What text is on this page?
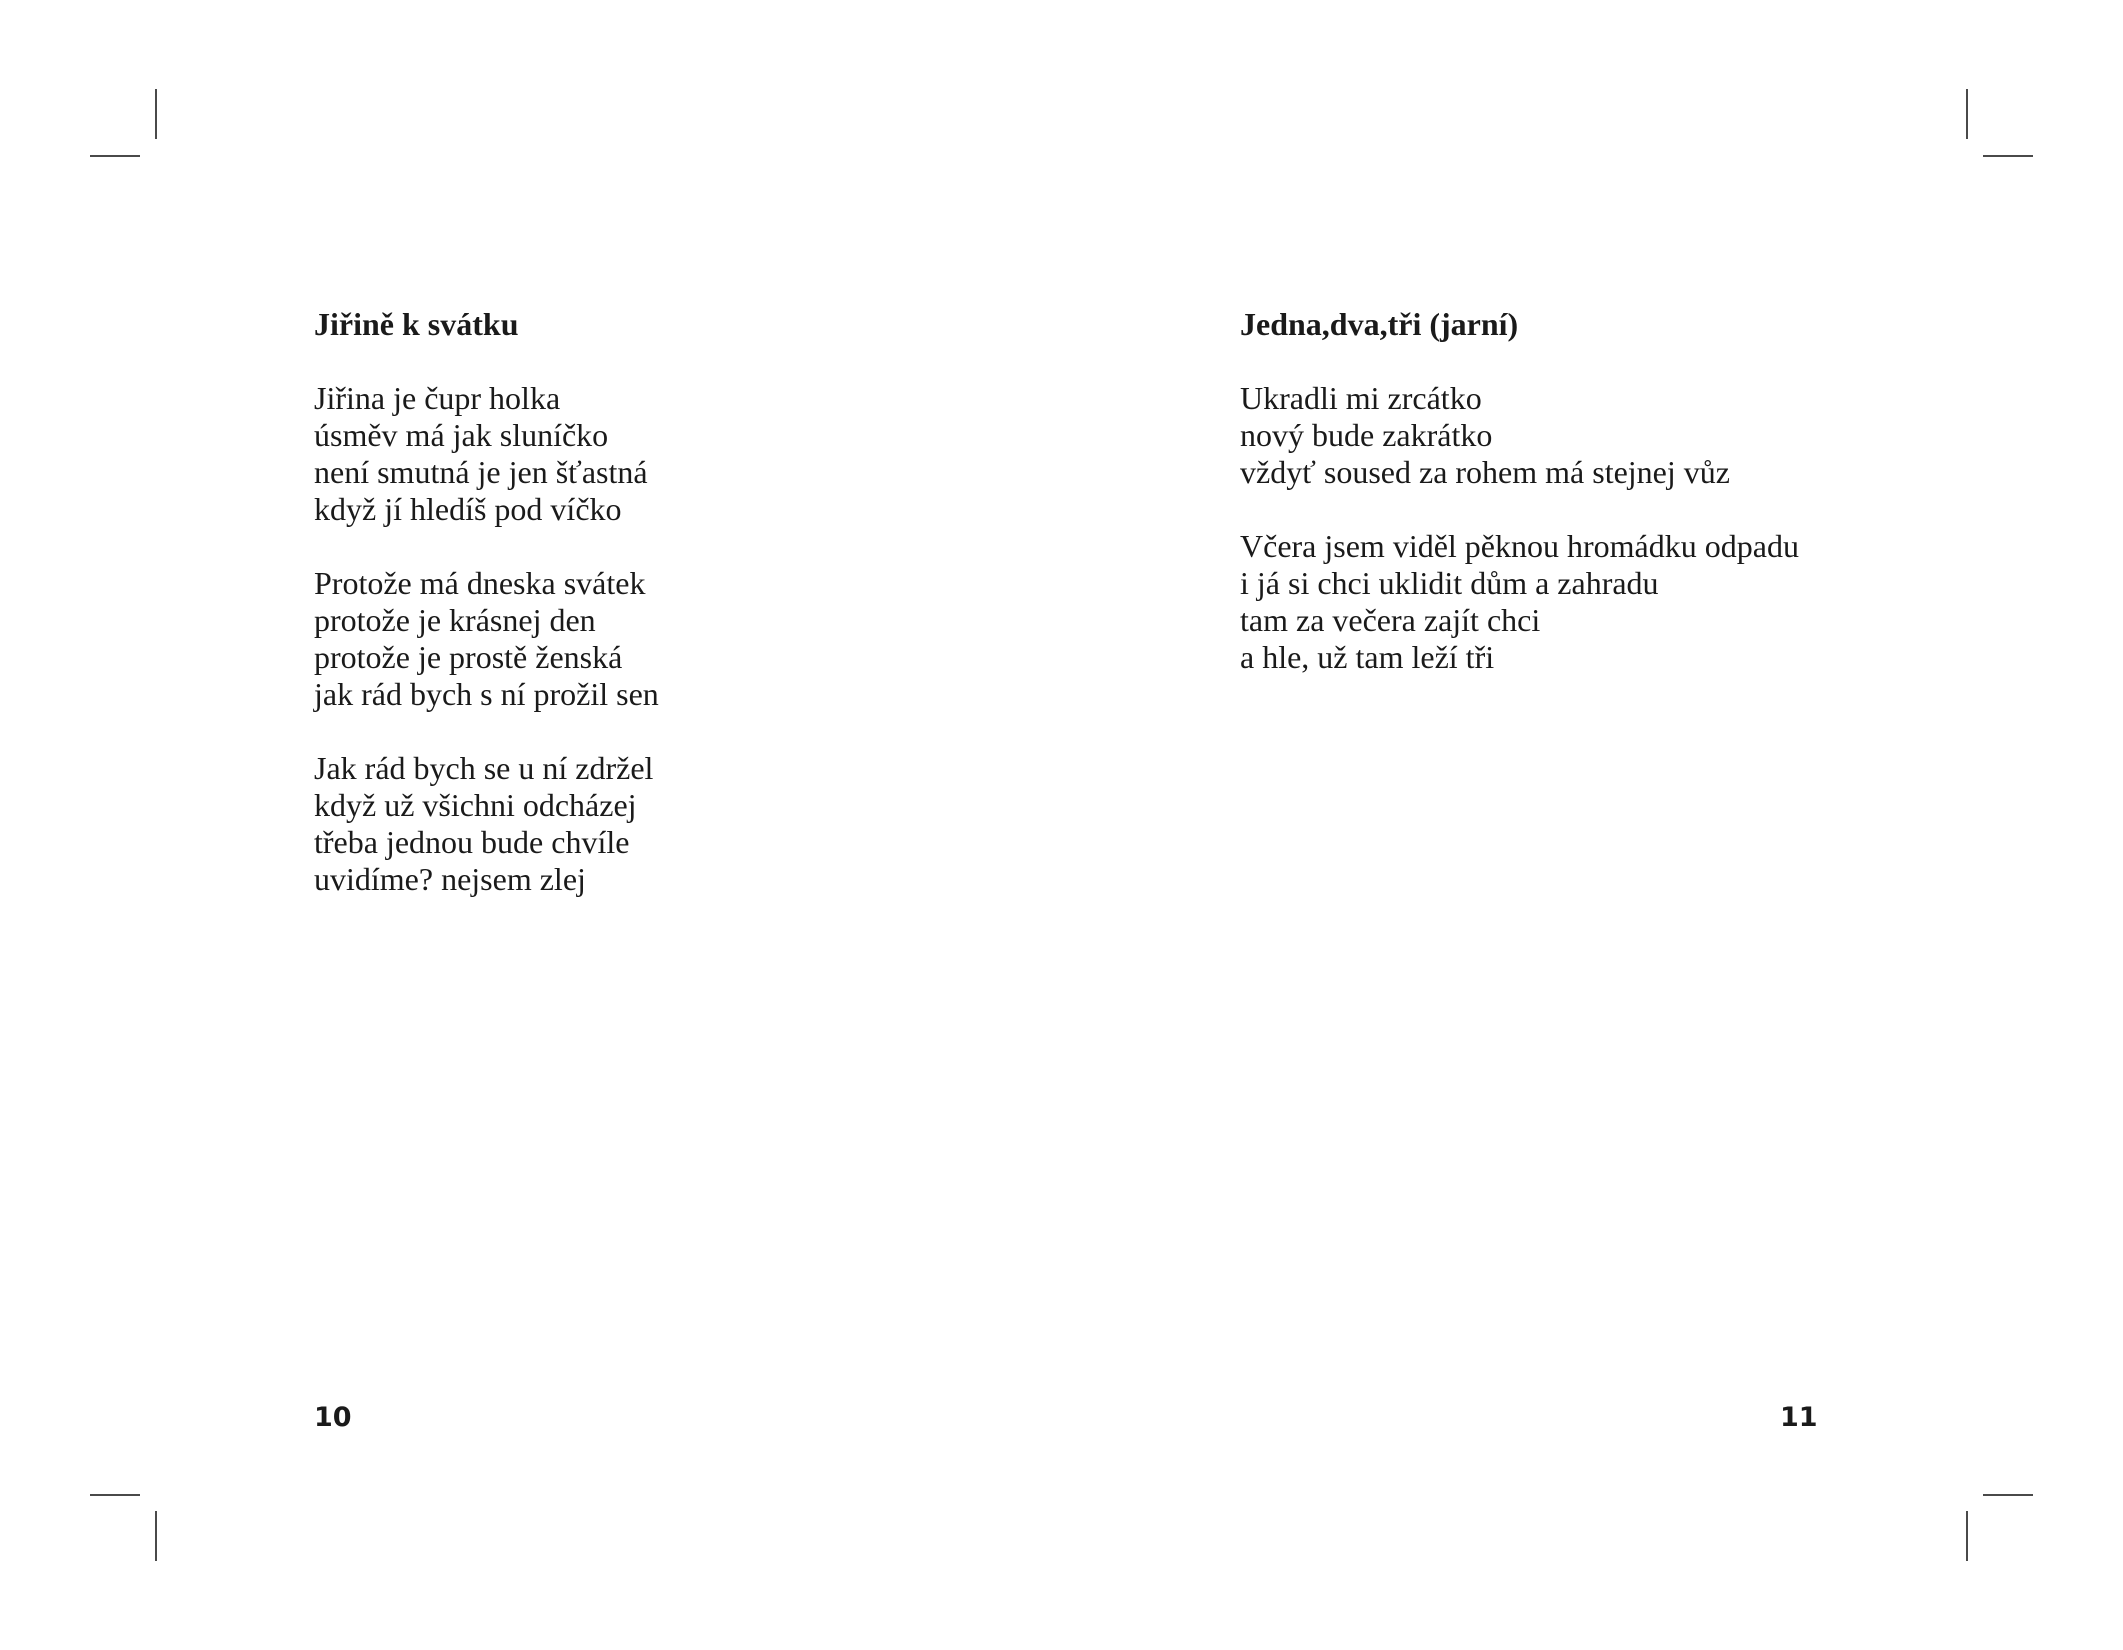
Jiřině k svátku
Jiřina je čupr holka
úsměv má jak sluníčko
není smutná je jen šťastná
když jí hledíš pod víčko
Protože má dneska svátek
protože je krásnej den
protože je prostě ženská
jak rád bych s ní prožil sen
Jak rád bych se u ní zdržel
když už všichni odcházej
třeba jednou bude chvíle
uvidíme? nejsem zlej
10
Jedna,dva,tři (jarní)
Ukradli mi zrcátko
nový bude zakrátko
vždyť soused za rohem má stejnej vůz
Včera jsem viděl pěknou hromádku odpadu
i já si chci uklidit dům a zahradu
tam za večera zajít chci
a hle, už tam leží tři
11
